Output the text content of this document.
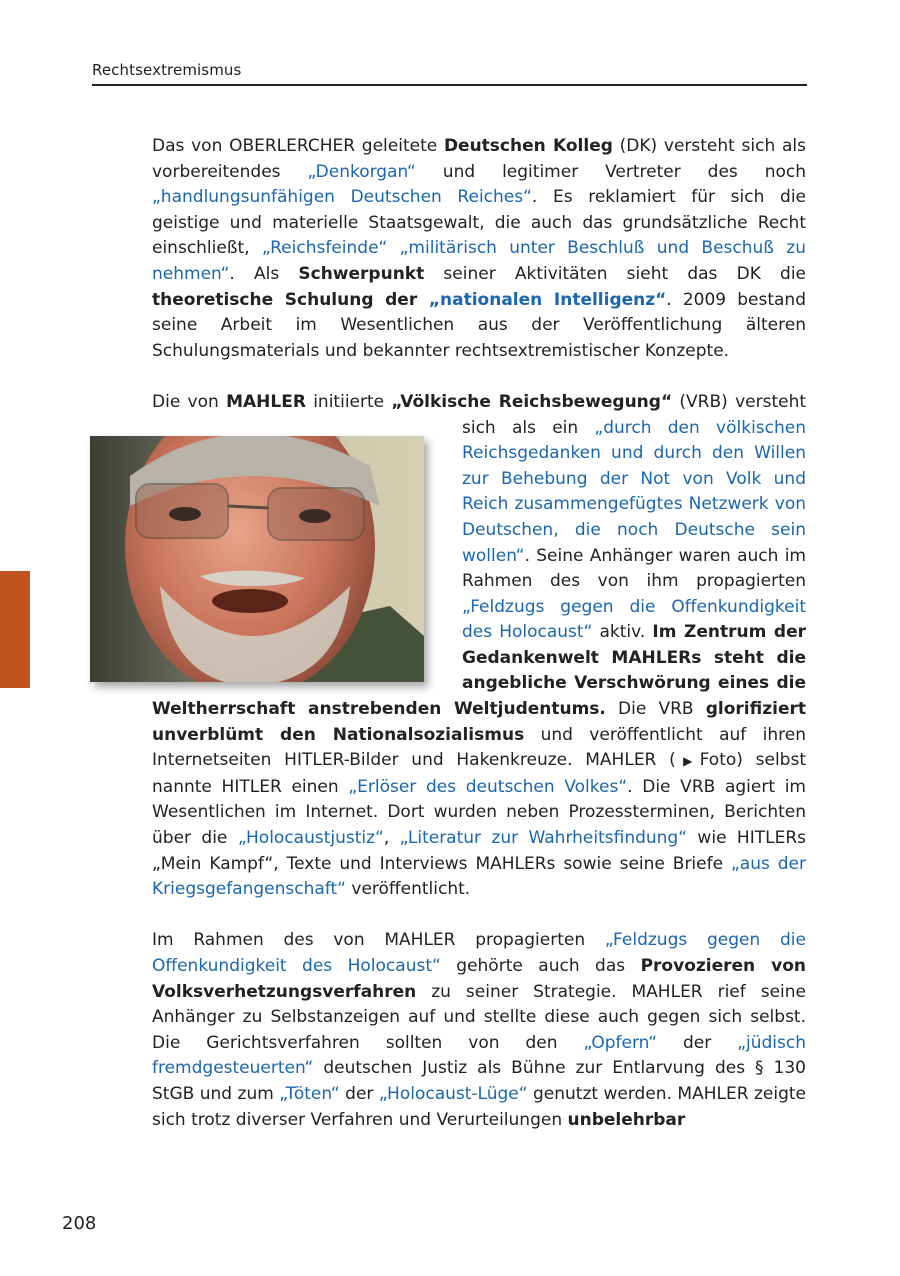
Rechtsextremismus

Das von OBERLERCHER geleitete Deutschen Kolleg (DK) versteht sich als vorbereitendes „Denkorgan“ und legitimer Vertreter des noch „handlungsunfähigen Deutschen Reiches“. Es reklamiert für sich die geistige und materielle Staatsgewalt, die auch das grundsätzliche Recht einschließt, „Reichsfeinde“ „militärisch unter Beschluß und Beschuß zu nehmen“. Als Schwerpunkt seiner Aktivitäten sieht das DK die theoretische Schulung der „nationalen Intelligenz“. 2009 bestand seine Arbeit im Wesentlichen aus der Veröffentlichung älteren Schulungsmaterials und bekannter rechtsextremistischer Konzepte.

Die von MAHLER initiierte „Völkische Reichsbewegung“ (VRB) versteht sich als ein
„durch den völkischen Reichsgedanken und durch den Willen zur Behebung der Not von Volk und Reich zusammengefügtes Netzwerk von Deutschen, die noch Deutsche sein wollen“. Seine Anhänger waren auch im Rahmen des von ihm propagierten „Feldzugs gegen die Offenkundigkeit des Holocaust“ aktiv. Im Zentrum der Gedankenwelt MAHLERs steht die angebliche Verschwörung eines die Weltherrschaft anstrebenden Weltjudentums. Die VRB glorifiziert unverblümt den Nationalsozialismus und veröffentlicht auf ihren Internetseiten HITLER-Bilder und Hakenkreuze. MAHLER (▶Foto) selbst nannte HITLER einen „Erlöser des deutschen Volkes“. Die VRB agiert im Wesentlichen im Internet. Dort wurden neben Prozessterminen, Berichten über die „Holocaustjustiz“, „Literatur zur Wahrheitsfindung“ wie HITLERs „Mein Kampf“, Texte und Interviews MAHLERs sowie seine Briefe „aus der Kriegsgefangenschaft“ veröffentlicht.

Im Rahmen des von MAHLER propagierten „Feldzugs gegen die Offenkundigkeit des Holocaust“ gehörte auch das Provozieren von Volksverhetzungsverfahren zu seiner Strategie. MAHLER rief seine Anhänger zu Selbstanzeigen auf und stellte diese auch gegen sich selbst. Die Gerichtsverfahren sollten von den „Opfern“ der „jüdisch fremdgesteuerten“ deutschen Justiz als Bühne zur Entlarvung des § 130 StGB und zum „Töten“ der „Holocaust-Lüge“ genutzt werden. MAHLER zeigte sich trotz diverser Verfahren und Verurteilungen unbelehrbar

208
